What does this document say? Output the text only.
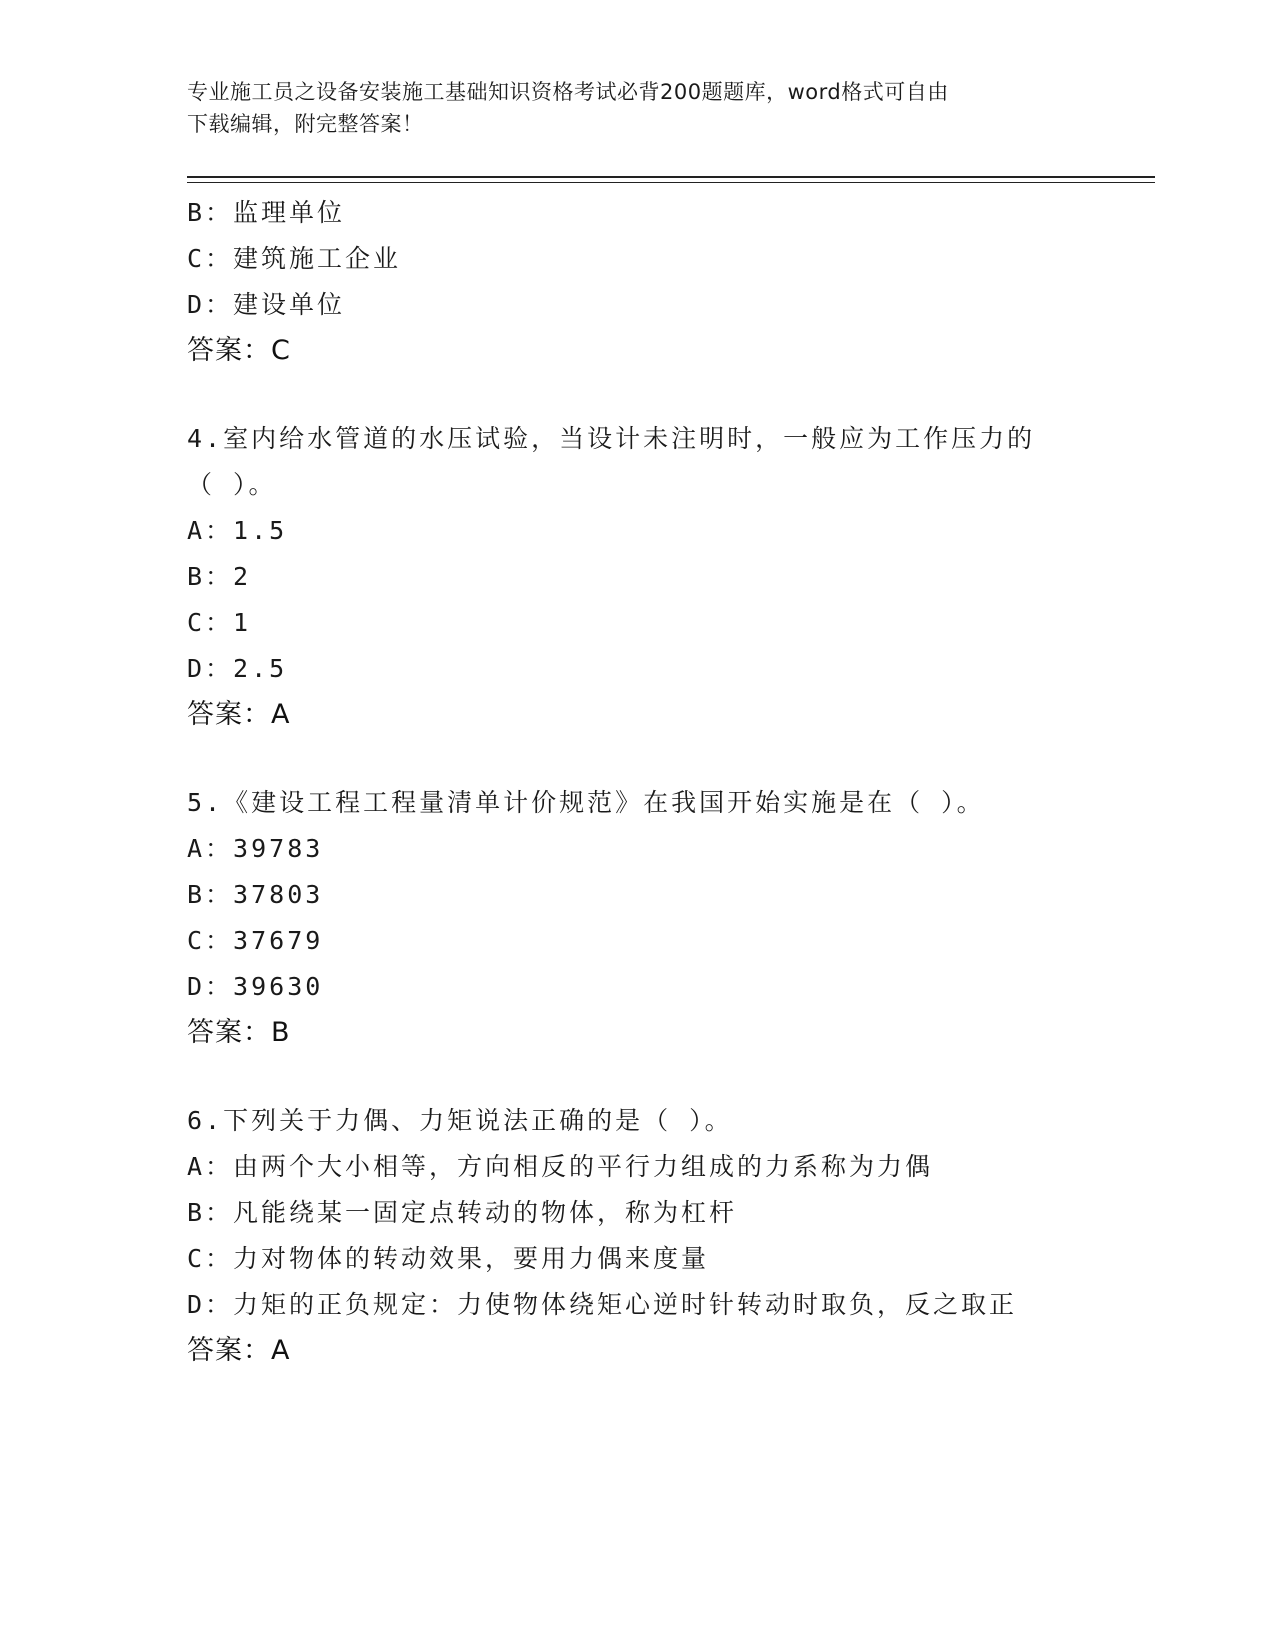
专业施工员之设备安装施工基础知识资格考试必背200题题库，word格式可自由
下载编辑，附完整答案！
B：监理单位
C：建筑施工企业
D：建设单位
答案：C
4.室内给水管道的水压试验，当设计未注明时，一般应为工作压力的
（ ）。
A：1.5
B：2
C：1
D：2.5
答案：A
5.《建设工程工程量清单计价规范》在我国开始实施是在（ ）。
A：39783
B：37803
C：37679
D：39630
答案：B
6.下列关于力偶、力矩说法正确的是（ ）。
A：由两个大小相等，方向相反的平行力组成的力系称为力偶
B：凡能绕某一固定点转动的物体，称为杠杆
C：力对物体的转动效果，要用力偶来度量
D：力矩的正负规定：力使物体绕矩心逆时针转动时取负，反之取正
答案：A
